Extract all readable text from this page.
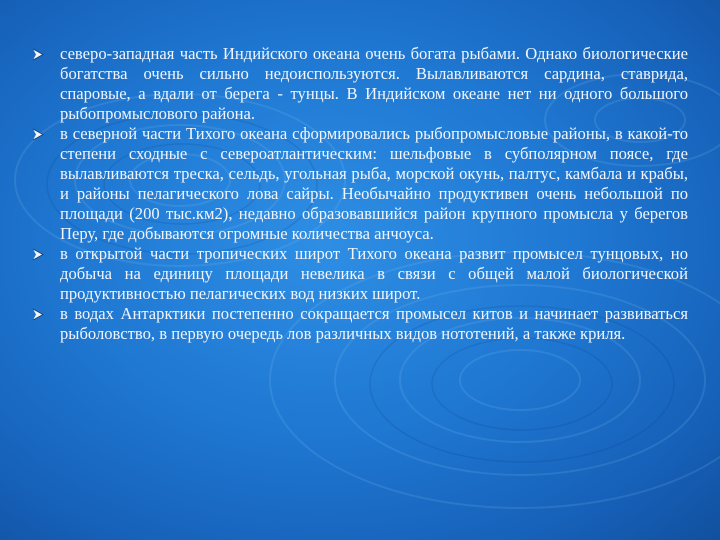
северо-западная часть Индийского океана очень богата рыбами. Однако биологические богатства очень сильно недоиспользуются. Вылавливаются сардина, ставрида, спаровые, а вдали от берега - тунцы. В Индийском океане нет ни одного большого рыбопромыслового района.
в северной части Тихого океана сформировались рыбопромысловые районы, в какой-то степени сходные с североатлантическим: шельфовые в субполярном поясе, где вылавливаются треска, сельдь, угольная рыба, морской окунь, палтус, камбала и крабы, и районы пелагического лова сайры. Необычайно продуктивен очень небольшой по площади (200 тыс.км2), недавно образовавшийся район крупного промысла у берегов Перу, где добываются огромные количества анчоуса.
в открытой части тропических широт Тихого океана развит промысел тунцовых, но добыча на единицу площади невелика в связи с общей малой биологической продуктивностью пелагических вод низких широт.
в водах Антарктики постепенно сокращается промысел китов и начинает развиваться рыболовство, в первую очередь лов различных видов нототений, а также криля.
